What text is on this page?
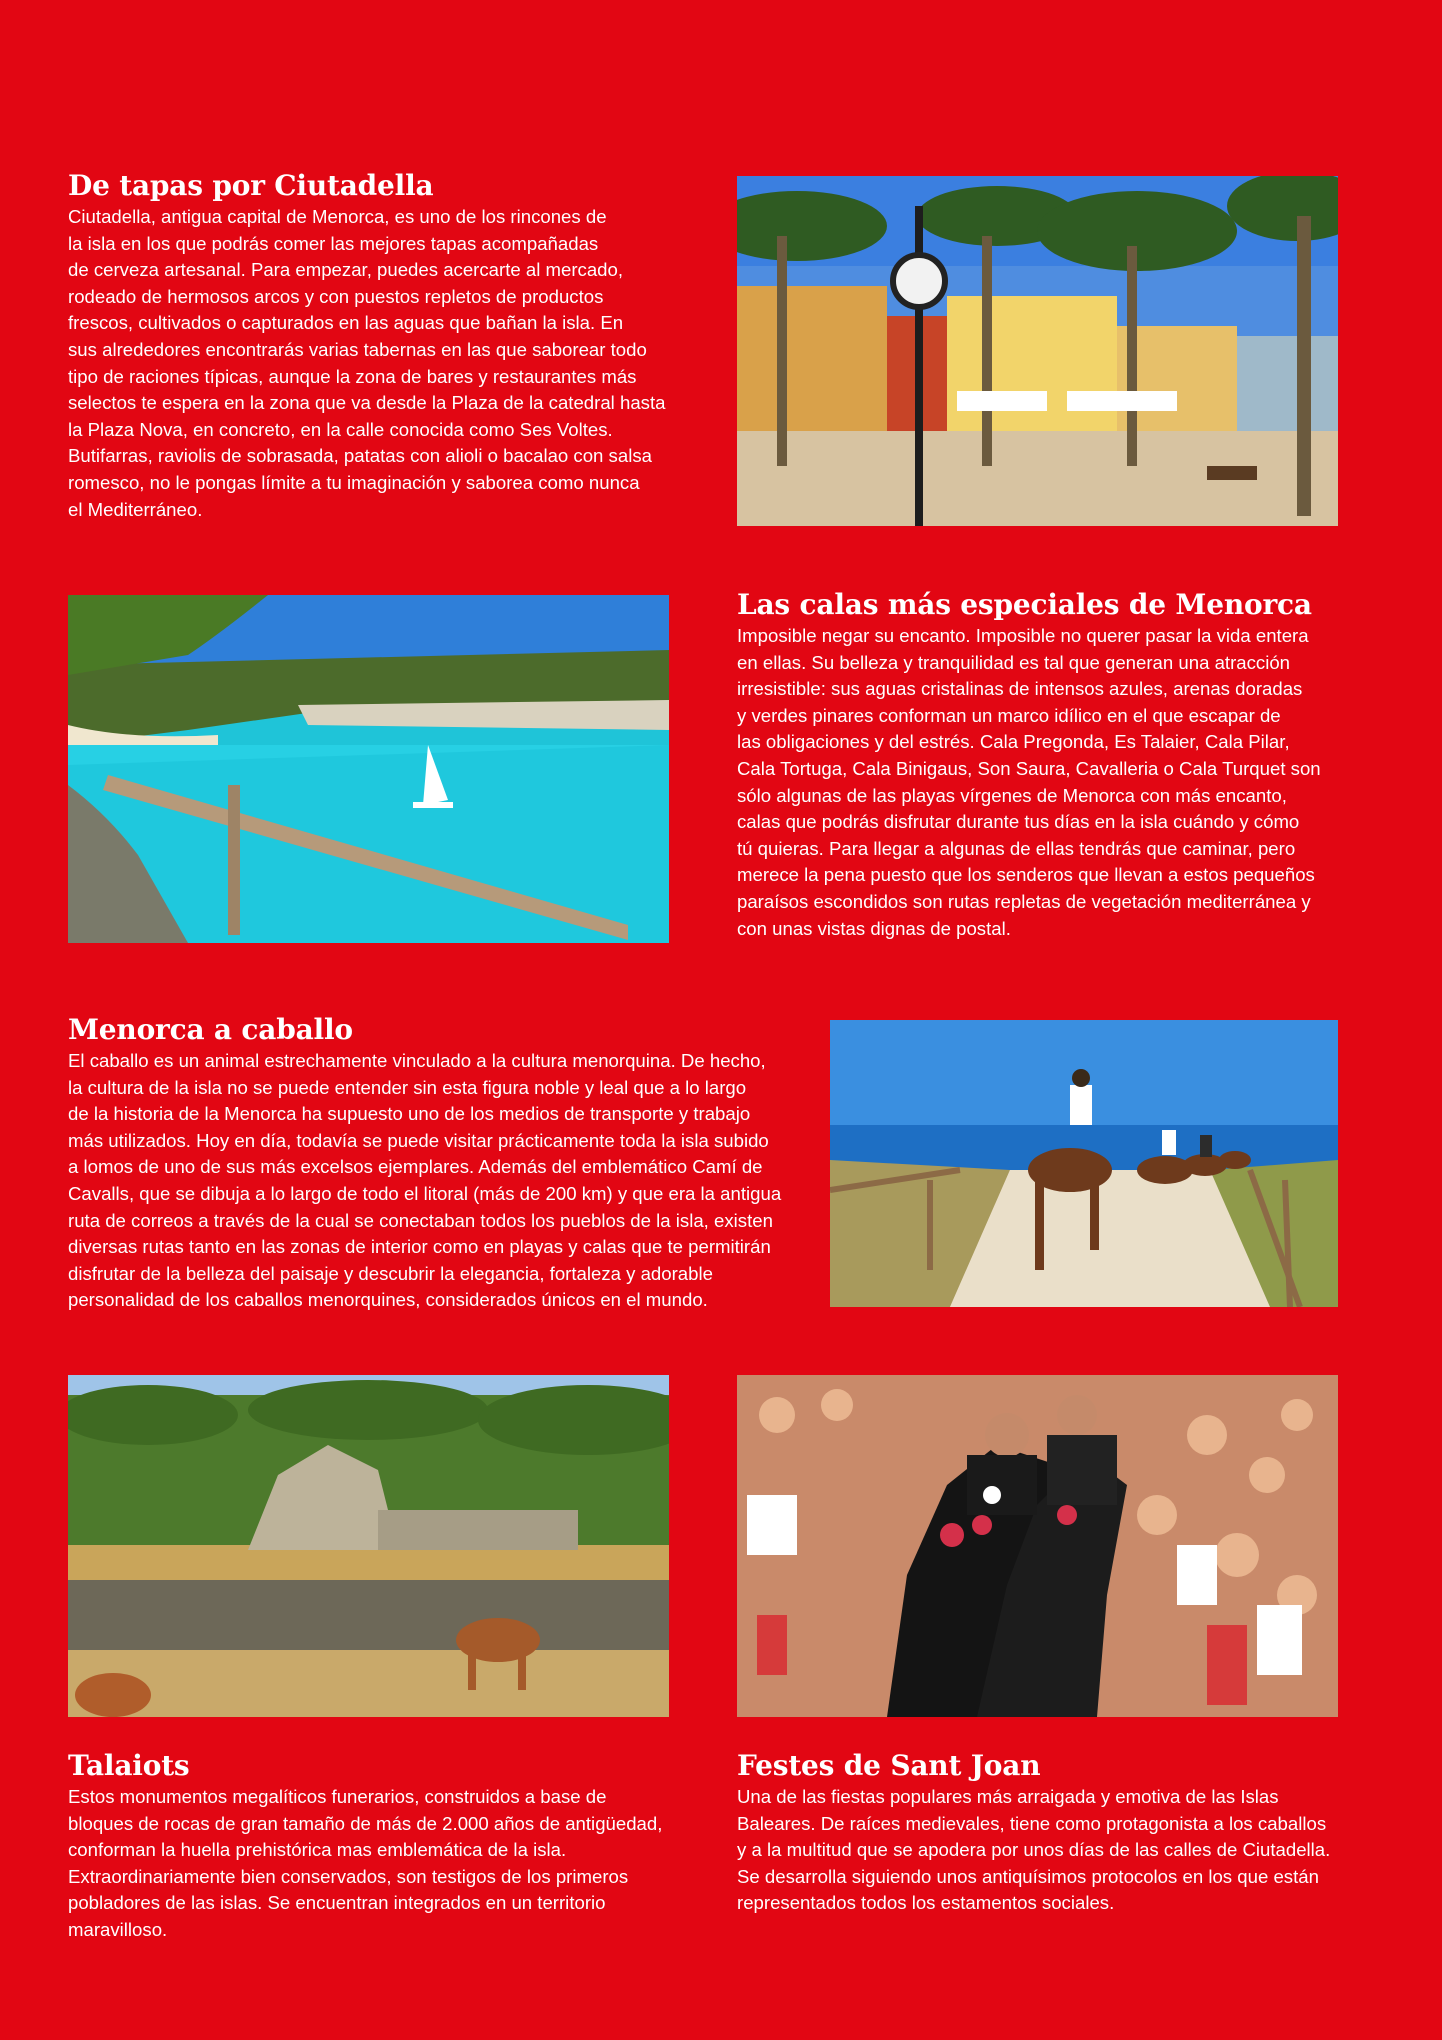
De tapas por Ciutadella

Ciutadella, antigua capital de Menorca, es uno de los rincones de
la isla en los que podrás comer las mejores tapas acompañadas
de cerveza artesanal. Para empezar, puedes acercarte al mercado,
rodeado de hermosos arcos y con puestos repletos de productos
frescos, cultivados o capturados en las aguas que bañan la isla. En
sus alrededores encontrarás varias tabernas en las que saborear todo
tipo de raciones típicas, aunque la zona de bares y restaurantes más
selectos te espera en la zona que va desde la Plaza de la catedral hasta
la Plaza Nova, en concreto, en la calle conocida como Ses Voltes.
Butifarras, raviolis de sobrasada, patatas con alioli o bacalao con salsa
romesco, no le pongas límite a tu imaginación y saborea como nunca
el Mediterráneo.

Las calas más especiales de Menorca

Imposible negar su encanto. Imposible no querer pasar la vida entera
en ellas. Su belleza y tranquilidad es tal que generan una atracción
irresistible: sus aguas cristalinas de intensos azules, arenas doradas
y verdes pinares conforman un marco idílico en el que escapar de
las obligaciones y del estrés. Cala Pregonda, Es Talaier, Cala Pilar,
Cala Tortuga, Cala Binigaus, Son Saura, Cavalleria o Cala Turquet son
sólo algunas de las playas vírgenes de Menorca con más encanto,
calas que podrás disfrutar durante tus días en la isla cuándo y cómo
tú quieras. Para llegar a algunas de ellas tendrás que caminar, pero
merece la pena puesto que los senderos que llevan a estos pequeños
paraísos escondidos son rutas repletas de vegetación mediterránea y
con unas vistas dignas de postal.

Menorca a caballo

El caballo es un animal estrechamente vinculado a la cultura menorquina. De hecho,
la cultura de la isla no se puede entender sin esta figura noble y leal que a lo largo
de la historia de la Menorca ha supuesto uno de los medios de transporte y trabajo
más utilizados. Hoy en día, todavía se puede visitar prácticamente toda la isla subido
a lomos de uno de sus más excelsos ejemplares. Además del emblemático Camí de
Cavalls, que se dibuja a lo largo de todo el litoral (más de 200 km) y que era la antigua
ruta de correos a través de la cual se conectaban todos los pueblos de la isla, existen
diversas rutas tanto en las zonas de interior como en playas y calas que te permitirán
disfrutar de la belleza del paisaje y descubrir la elegancia, fortaleza y adorable
personalidad de los caballos menorquines, considerados únicos en el mundo.

Talaiots

Estos monumentos megalíticos funerarios, construidos a base de
bloques de rocas de gran tamaño de más de 2.000 años de antigüedad,
conforman la huella prehistórica mas emblemática de la isla.
Extraordinariamente bien conservados, son testigos de los primeros
pobladores de las islas. Se encuentran integrados en un territorio
maravilloso.

Festes de Sant Joan

Una de las fiestas populares más arraigada y emotiva de las Islas
Baleares. De raíces medievales, tiene como protagonista a los caballos
y a la multitud que se apodera por unos días de las calles de Ciutadella.
Se desarrolla siguiendo unos antiquísimos protocolos en los que están
representados todos los estamentos sociales.
